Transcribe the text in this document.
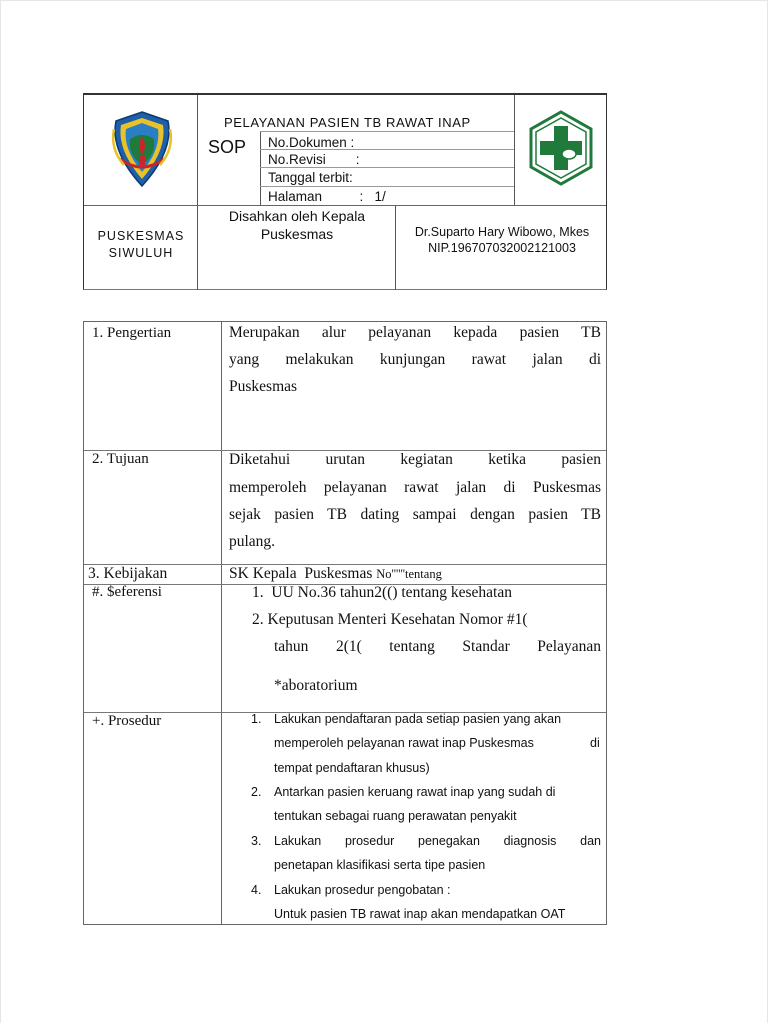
PELAYANAN PASIEN TB RAWAT INAP
SOP No.Dokumen :
No.Revisi        :
Tanggal terbit:
Halaman          :   1/
PUSKESMAS
SIWULUH
Disahkan oleh Kepala
Puskesmas	Dr.Suparto Hary Wibowo, Mkes
NIP.196707032002121003
1. Pengertian	Merupakan alur pelayanan kepada pasien TB
yang melakukan kunjungan rawat jalan di
Puskesmas
2. Tujuan	Diketahui urutan kegiatan ketika pasien
memperoleh pelayanan rawat jalan di Puskesmas
sejak pasien TB dating sampai dengan pasien TB
pulang.
3. Kebijakan	SK Kepala  Puskesmas No''''''tentang
#. $eferensi	1.  UU No.36 tahun2(() tentang kesehatan
2. Keputusan Menteri Kesehatan Nomor #1(
tahun 2(1( tentang Standar Pelayanan
*aboratorium
+. Prosedur	1. Lakukan pendaftaran pada setiap pasien yang akan
memperoleh pelayanan rawat inap Puskesmas	di
tempat pendaftaran khusus)
2. Antarkan pasien keruang rawat inap yang sudah di
tentukan sebagai ruang perawatan penyakit
3. Lakukan prosedur penegakan diagnosis dan
penetapan klasifikasi serta tipe pasien
4. Lakukan prosedur pengobatan :
Untuk pasien TB rawat inap akan mendapatkan OAT
